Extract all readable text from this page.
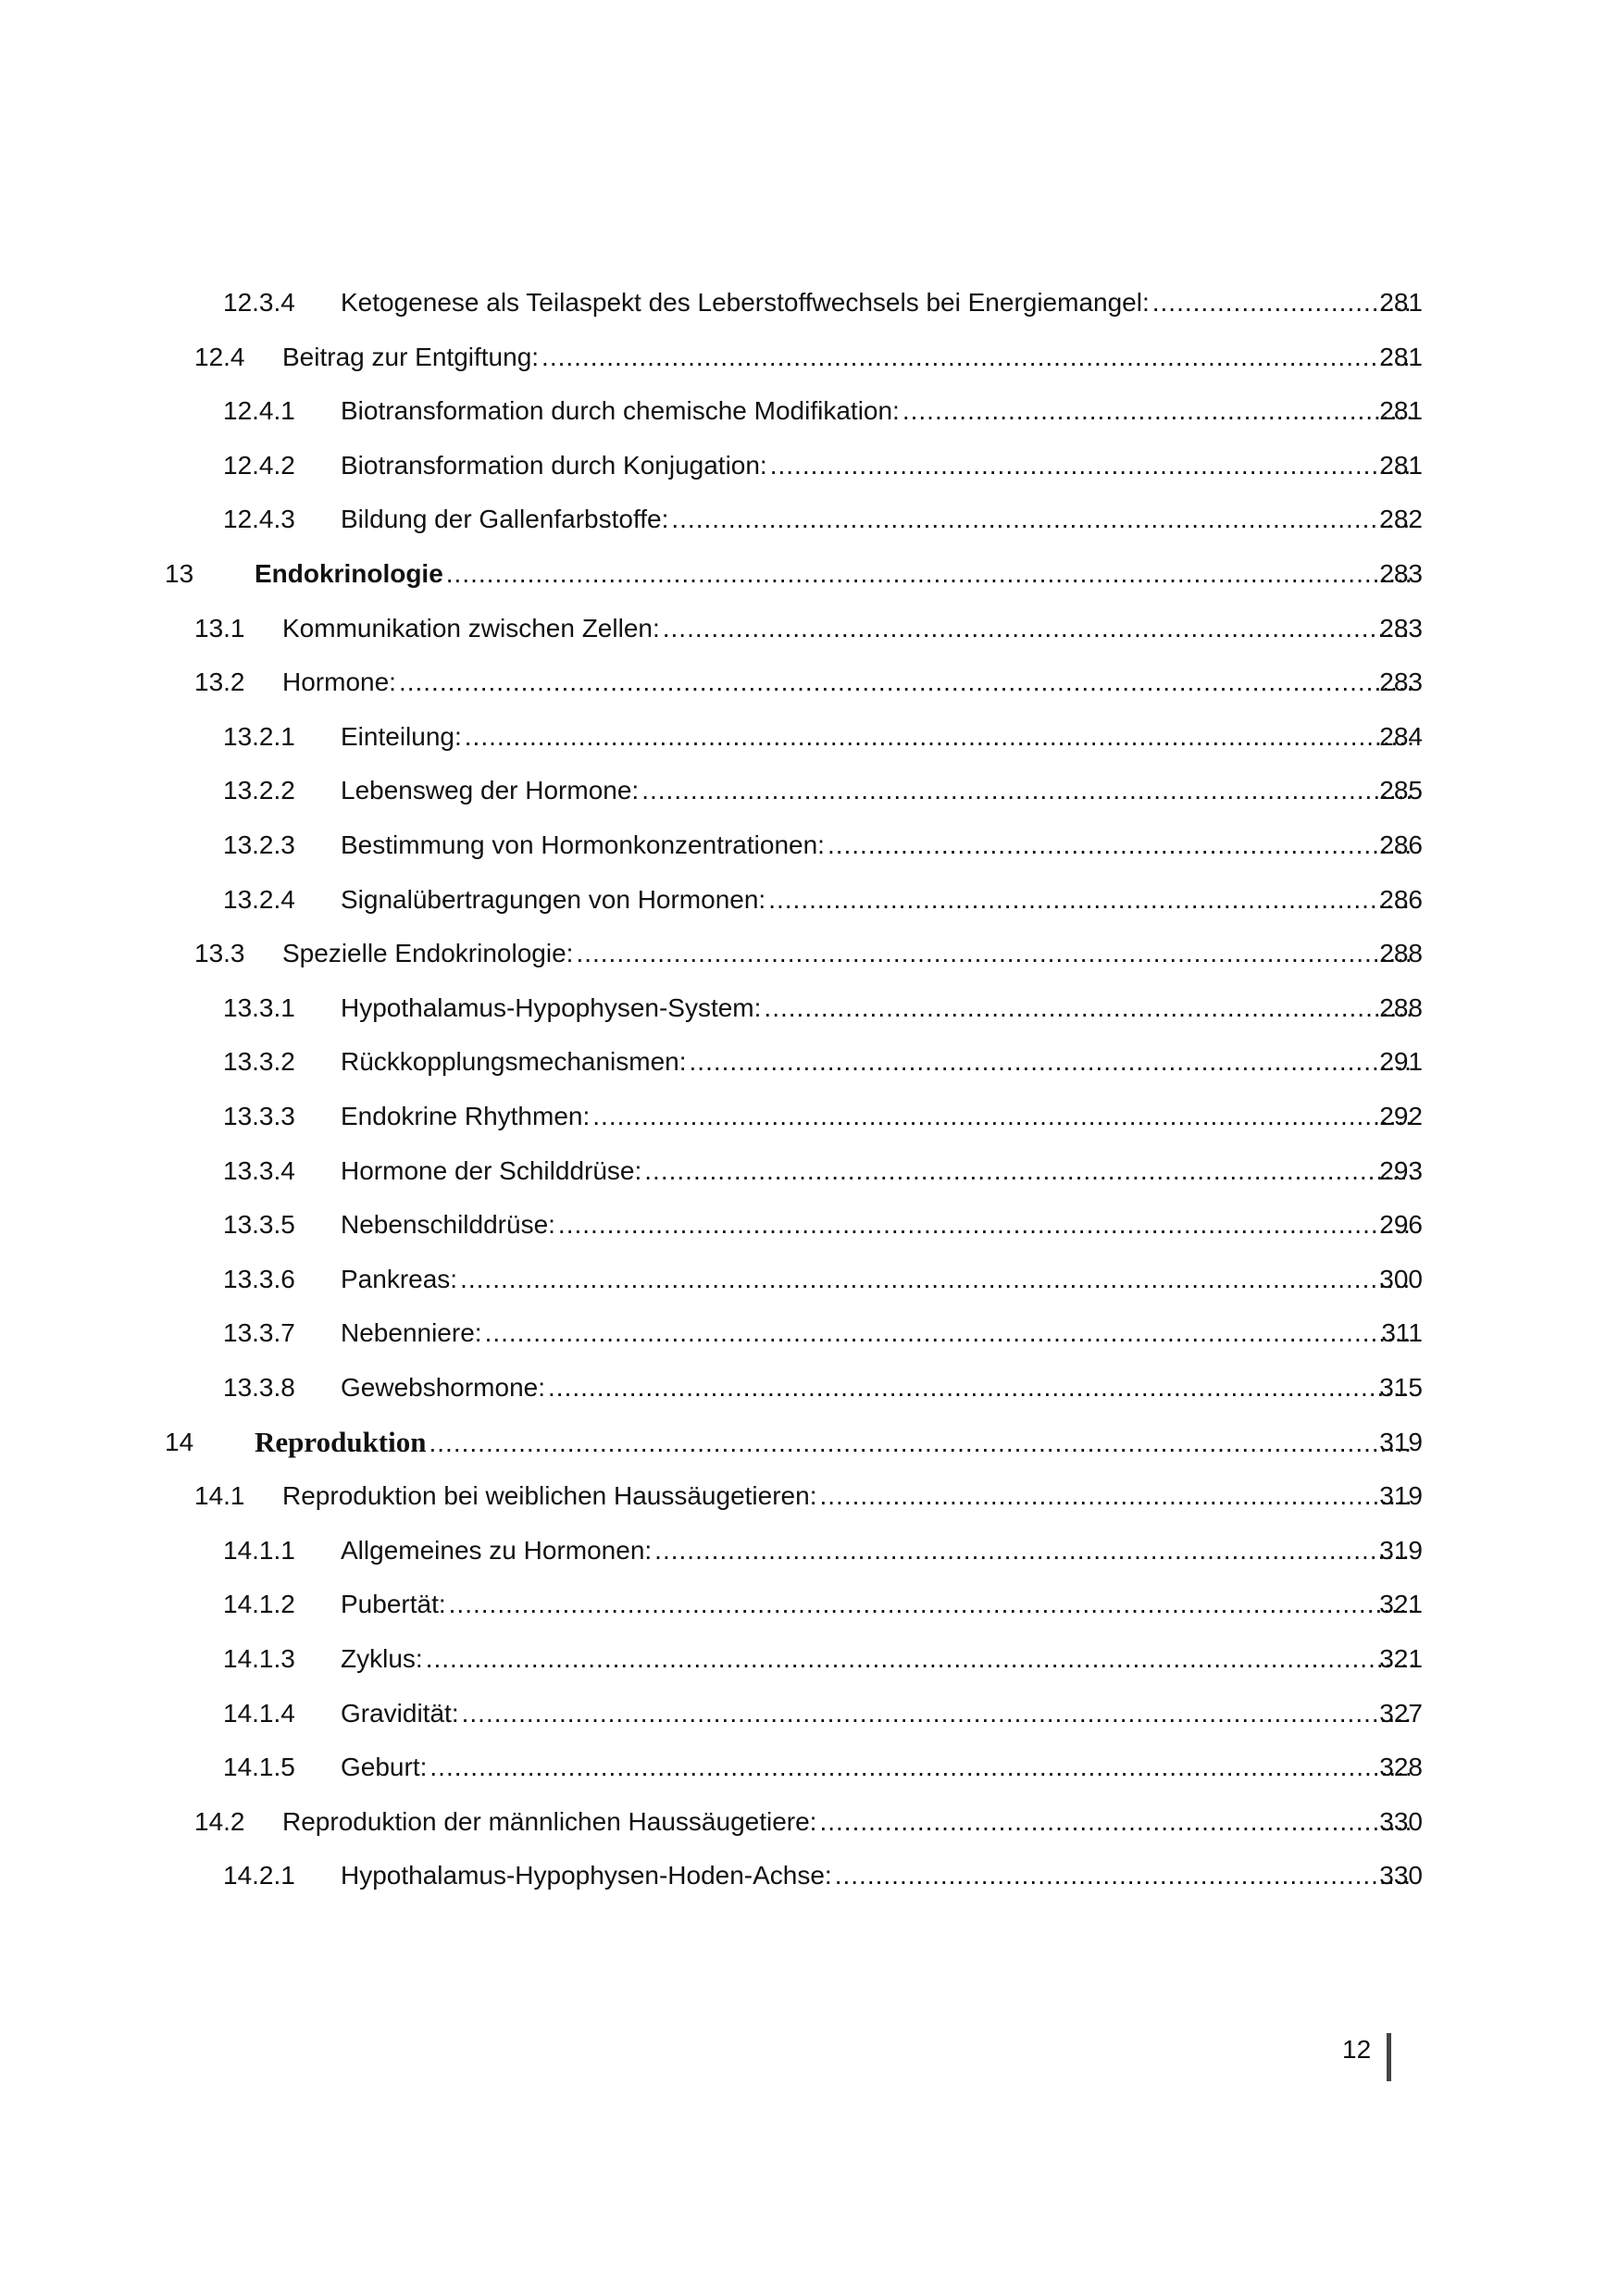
12.3.4 Ketogenese als Teilaspekt des Leberstoffwechsels bei Energiemangel: .....	281
12.4 Beitrag zur Entgiftung: .....	281
12.4.1 Biotransformation durch chemische Modifikation: .....	281
12.4.2 Biotransformation durch Konjugation: .....	281
12.4.3 Bildung der Gallenfarbstoffe: .....	282
13 Endokrinologie .....	283
13.1 Kommunikation zwischen Zellen: .....	283
13.2 Hormone: .....	283
13.2.1 Einteilung: .....	284
13.2.2 Lebensweg der Hormone: .....	285
13.2.3 Bestimmung von Hormonkonzentrationen: .....	286
13.2.4 Signalübertragungen von Hormonen: .....	286
13.3 Spezielle Endokrinologie: .....	288
13.3.1 Hypothalamus-Hypophysen-System: .....	288
13.3.2 Rückkopplungsmechanismen: .....	291
13.3.3 Endokrine Rhythmen: .....	292
13.3.4 Hormone der Schilddrüse: .....	293
13.3.5 Nebenschilddrüse: .....	296
13.3.6 Pankreas: .....	300
13.3.7 Nebenniere: .....	311
13.3.8 Gewebshormone: .....	315
14 Reproduktion .....	319
14.1 Reproduktion bei weiblichen Haussäugetieren: .....	319
14.1.1 Allgemeines zu Hormonen: .....	319
14.1.2 Pubertät: .....	321
14.1.3 Zyklus: .....	321
14.1.4 Gravidität: .....	327
14.1.5 Geburt: .....	328
14.2 Reproduktion der männlichen Haussäugetiere: .....	330
14.2.1 Hypothalamus-Hypophysen-Hoden-Achse: .....	330
12
